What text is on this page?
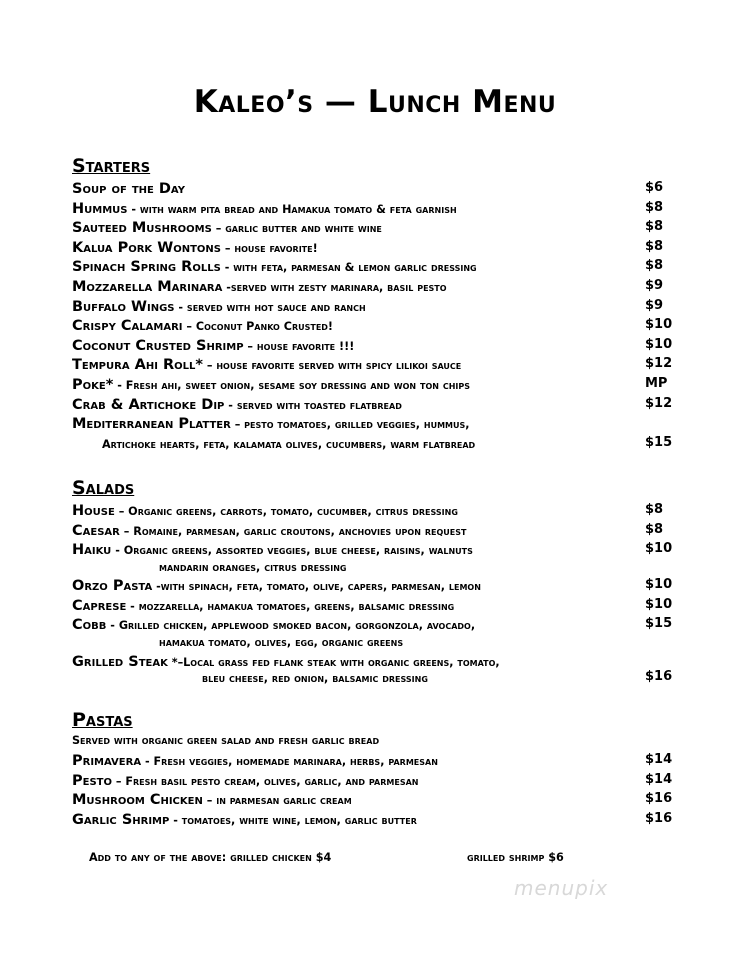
Kaleo’s — Lunch Menu
Starters
Soup of the Day	$6
Hummus - with warm pita bread and Hamakua tomato & feta garnish	$8
Sauteed Mushrooms – garlic butter and white wine	$8
Kalua Pork Wontons – house favorite!	$8
Spinach Spring Rolls - with feta, parmesan & lemon garlic dressing	$8
Mozzarella Marinara -served with zesty marinara, basil pesto	$9
Buffalo Wings - served with hot sauce and ranch	$9
Crispy Calamari – Coconut Panko Crusted!	$10
Coconut Crusted Shrimp – house favorite !!!	$10
Tempura Ahi Roll* – house favorite served with spicy lilikoi sauce	$12
Poke* - Fresh ahi, sweet onion, sesame soy dressing and won ton chips	MP
Crab & Artichoke Dip - served with toasted flatbread	$12
Mediterranean Platter – pesto tomatoes, grilled veggies, hummus,
Artichoke hearts, feta, kalamata olives, cucumbers, warm flatbread	$15
Salads
House – Organic greens, carrots, tomato, cucumber, citrus dressing	$8
Caesar – Romaine, parmesan, garlic croutons, anchovies upon request	$8
Haiku - Organic greens, assorted veggies, blue cheese, raisins, walnuts	$10
mandarin oranges, citrus dressing
Orzo Pasta -with spinach, feta, tomato, olive, capers, parmesan, lemon	$10
Caprese - mozzarella, hamakua tomatoes, greens, balsamic dressing	$10
Cobb - Grilled chicken, applewood smoked bacon, gorgonzola, avocado,	$15
hamakua tomato, olives, egg, organic greens
Grilled Steak *–Local grass fed flank steak with organic greens, tomato,
bleu cheese, red onion, balsamic dressing	$16
Pastas
Served with organic green salad and fresh garlic bread
Primavera - Fresh veggies, homemade marinara, herbs, parmesan	$14
Pesto – Fresh basil pesto cream, olives, garlic, and parmesan	$14
Mushroom Chicken – in parmesan garlic cream	$16
Garlic Shrimp - tomatoes, white wine, lemon, garlic butter	$16
Add to any of the above: grilled chicken $4	grilled shrimp $6
menupix
